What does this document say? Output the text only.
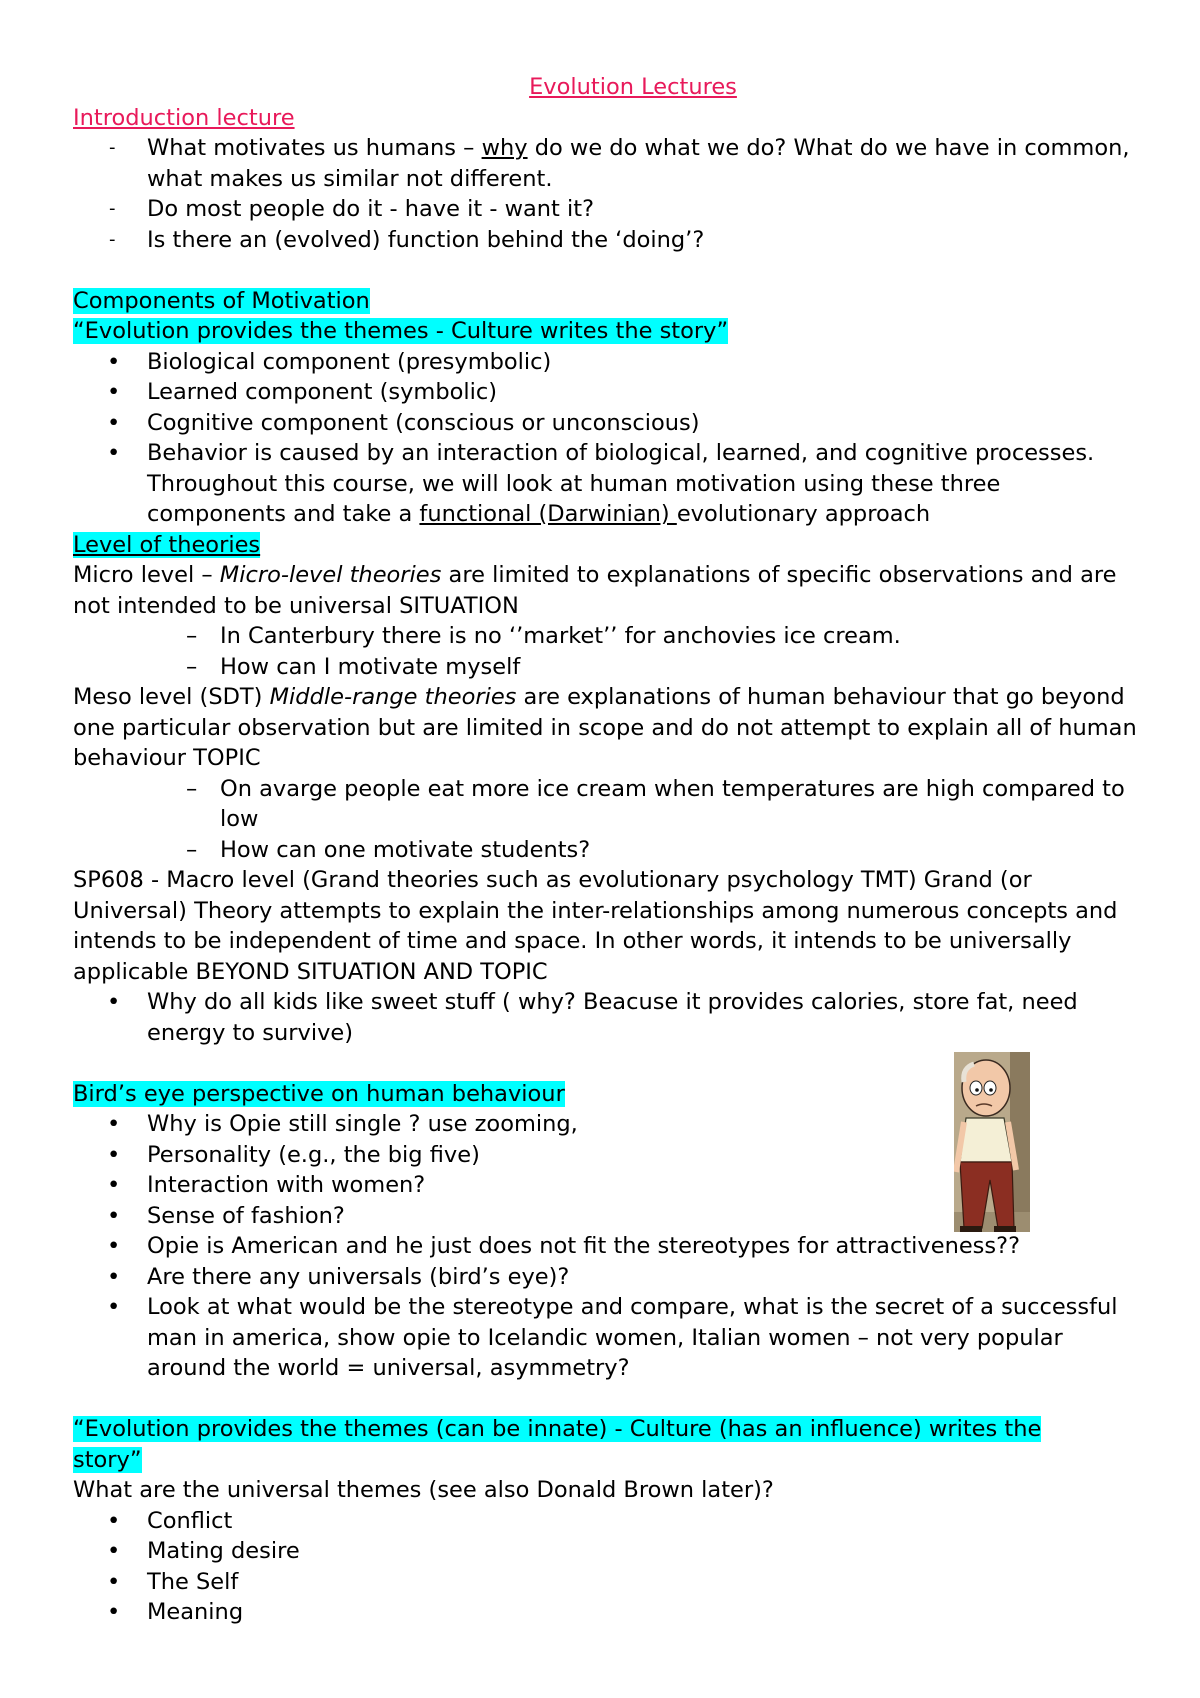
Evolution Lectures

Introduction lecture

-	What motivates us humans – why do we do what we do? What do we have in common, what makes us similar not different.
-	Do most people do it - have it - want it?
-	Is there an (evolved) function behind the ‘doing’?

Components of Motivation

“Evolution provides the themes - Culture writes the story”

•	Biological component (presymbolic)
•	Learned component (symbolic)
•	Cognitive component (conscious or unconscious)
•	Behavior is caused by an interaction of biological, learned, and cognitive processes. Throughout this course, we will look at human motivation using these three components and take a functional (Darwinian) evolutionary approach

Level of theories

Micro level – Micro-level theories are limited to explanations of specific observations and are not intended to be universal SITUATION

– In Canterbury there is no ‘’market’’ for anchovies ice cream.
– How can I motivate myself

Meso level (SDT) Middle-range theories are explanations of human behaviour that go beyond one particular observation but are limited in scope and do not attempt to explain all of human behaviour TOPIC

– On avarge people eat more ice cream when temperatures are high compared to low
– How can one motivate students?

SP608 - Macro level (Grand theories such as evolutionary psychology TMT) Grand (or Universal) Theory attempts to explain the inter-relationships among numerous concepts and intends to be independent of time and space. In other words, it intends to be universally applicable BEYOND SITUATION AND TOPIC

•	Why do all kids like sweet stuff ( why? Beacuse it provides calories, store fat, need energy to survive)

Bird’s eye perspective on human behaviour

•	Why is Opie still single ? use zooming,
•	Personality (e.g., the big five)
•	Interaction with women?
•	Sense of fashion?
•	Opie is American and he just does not fit the stereotypes for attractiveness??
•	Are there any universals (bird’s eye)?
•	Look at what would be the stereotype and compare, what is the secret of a successful man in america, show opie to Icelandic women, Italian women – not very popular around the world = universal, asymmetry?

“Evolution provides the themes (can be innate) - Culture (has an influence) writes the
story”

What are the universal themes (see also Donald Brown later)?

•	Conflict
•	Mating desire
•	The Self
•	Meaning
